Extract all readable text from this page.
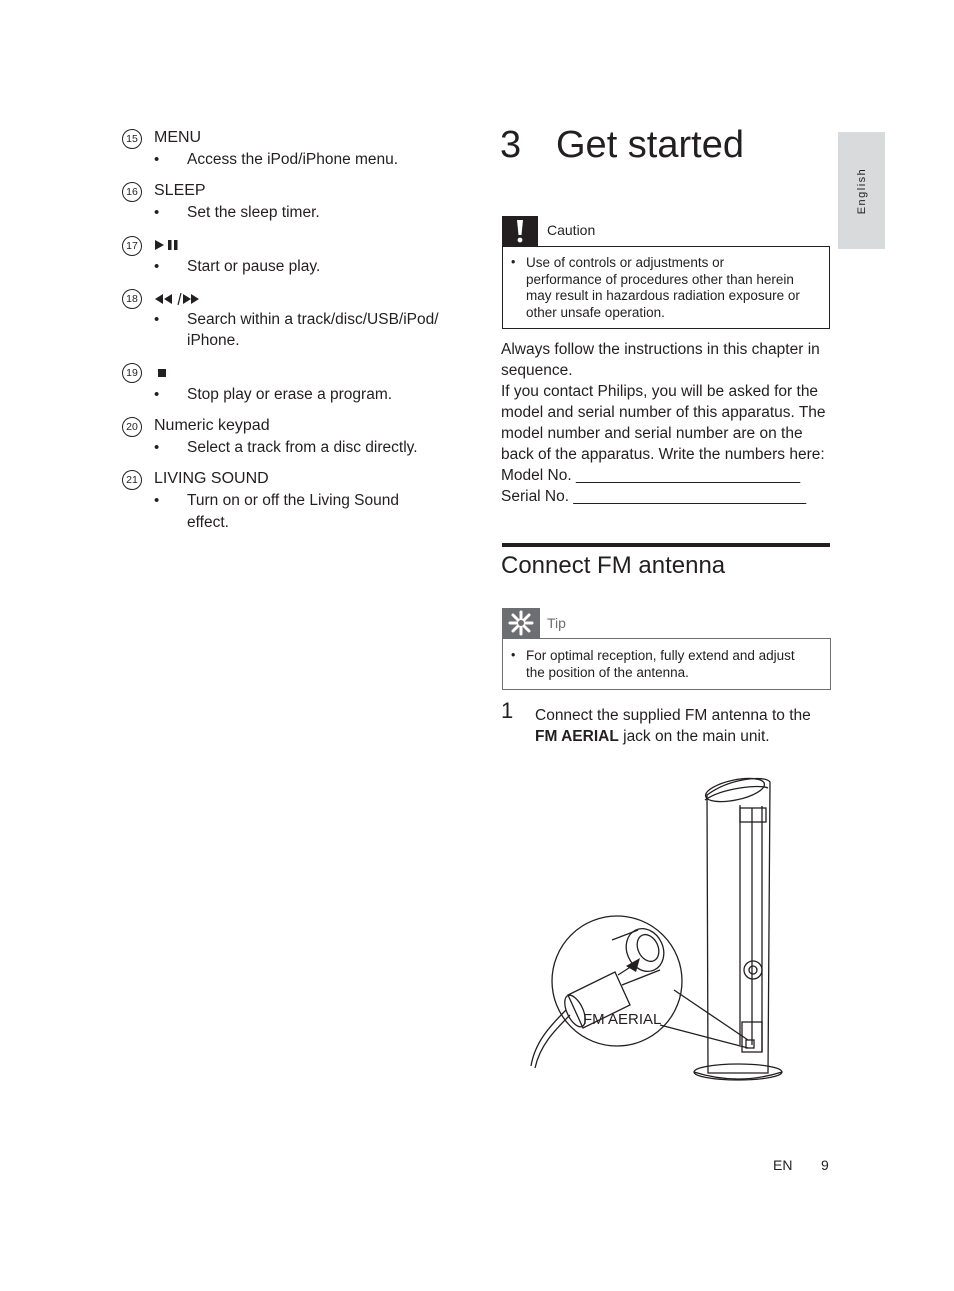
15 MENU
• Access the iPod/iPhone menu.
16 SLEEP
• Set the sleep timer.
17
• Start or pause play.
18
• Search within a track/disc/USB/iPod/
iPhone.
19
• Stop play or erase a program.
20 Numeric keypad
• Select a track from a disc directly.
21 LIVING SOUND
• Turn on or off the Living Sound
effect.
3 Get started
English
Caution
• Use of controls or adjustments or
performance of procedures other than herein
may result in hazardous radiation exposure or
other unsafe operation.
Always follow the instructions in this chapter in
sequence.
If you contact Philips, you will be asked for the
model and serial number of this apparatus. The
model number and serial number are on the
back of the apparatus. Write the numbers here:
Model No. __________________________
Serial No. ___________________________
Connect FM antenna
Tip
• For optimal reception, fully extend and adjust
the position of the antenna.
1 Connect the supplied FM antenna to the
FM AERIAL jack on the main unit.
FM AERIAL
EN 9
